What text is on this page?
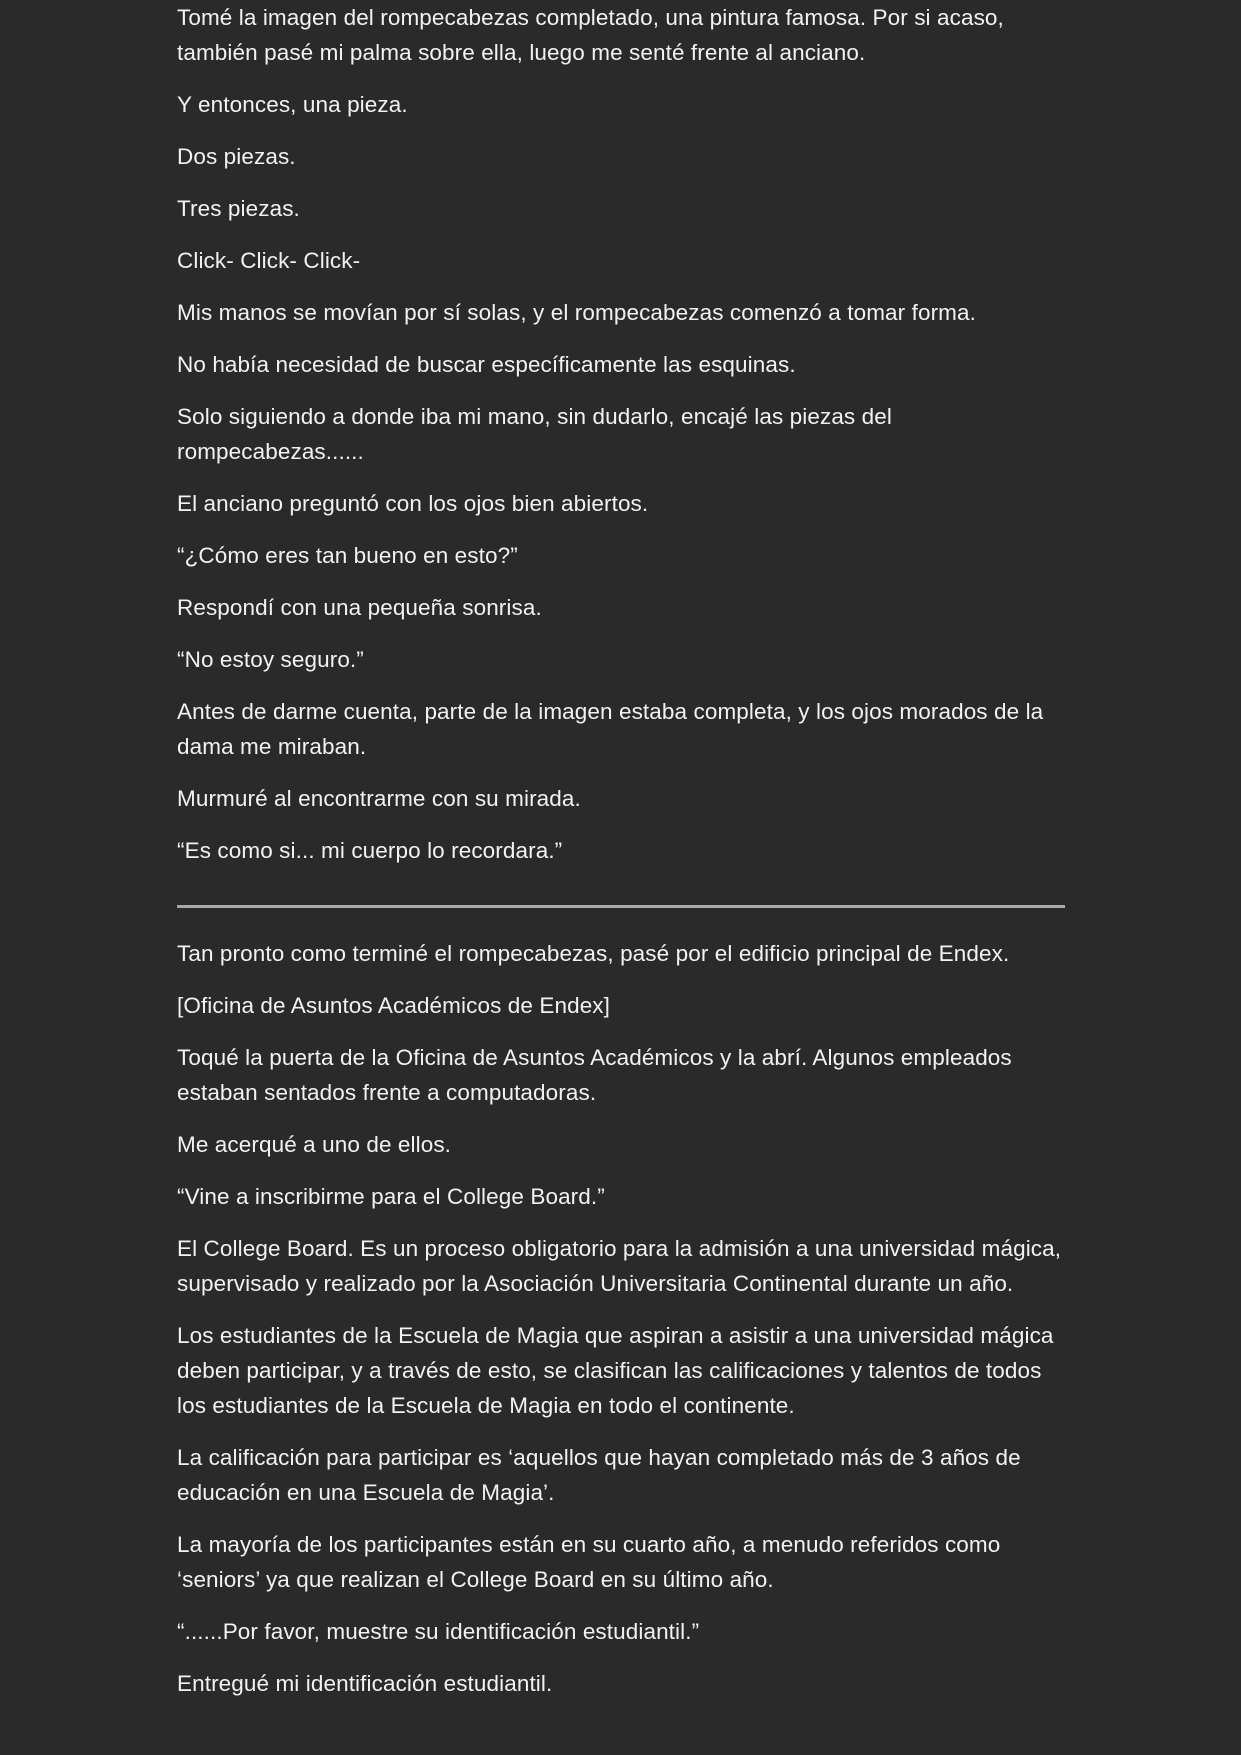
Tomé la imagen del rompecabezas completado, una pintura famosa. Por si acaso, también pasé mi palma sobre ella, luego me senté frente al anciano.

Y entonces, una pieza.

Dos piezas.

Tres piezas.

Click- Click- Click-

Mis manos se movían por sí solas, y el rompecabezas comenzó a tomar forma.

No había necesidad de buscar específicamente las esquinas.

Solo siguiendo a donde iba mi mano, sin dudarlo, encajé las piezas del rompecabezas......

El anciano preguntó con los ojos bien abiertos.

“¿Cómo eres tan bueno en esto?”

Respondí con una pequeña sonrisa.

“No estoy seguro.”

Antes de darme cuenta, parte de la imagen estaba completa, y los ojos morados de la dama me miraban.

Murmuré al encontrarme con su mirada.

“Es como si... mi cuerpo lo recordara.”

Tan pronto como terminé el rompecabezas, pasé por el edificio principal de Endex.

[Oficina de Asuntos Académicos de Endex]

Toqué la puerta de la Oficina de Asuntos Académicos y la abrí. Algunos empleados estaban sentados frente a computadoras.

Me acerqué a uno de ellos.

“Vine a inscribirme para el College Board.”

El College Board. Es un proceso obligatorio para la admisión a una universidad mágica, supervisado y realizado por la Asociación Universitaria Continental durante un año.

Los estudiantes de la Escuela de Magia que aspiran a asistir a una universidad mágica deben participar, y a través de esto, se clasifican las calificaciones y talentos de todos los estudiantes de la Escuela de Magia en todo el continente.

La calificación para participar es ‘aquellos que hayan completado más de 3 años de educación en una Escuela de Magia’.

La mayoría de los participantes están en su cuarto año, a menudo referidos como ‘seniors’ ya que realizan el College Board en su último año.

“......Por favor, muestre su identificación estudiantil.”

Entregué mi identificación estudiantil.
